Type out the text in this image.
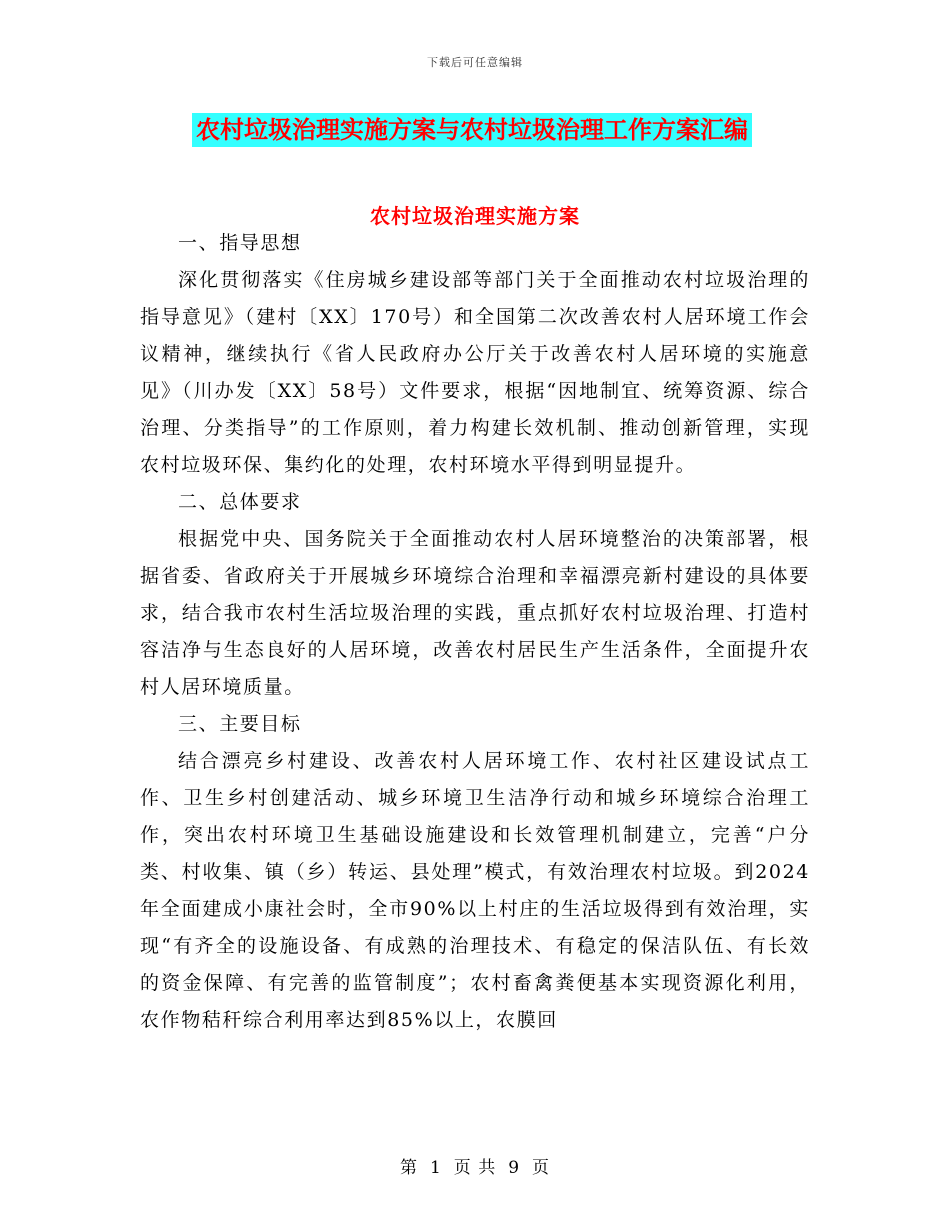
下载后可任意编辑
农村垃圾治理实施方案与农村垃圾治理工作方案汇编
农村垃圾治理实施方案

一、指导思想

深化贯彻落实《住房城乡建设部等部门关于全面推动农村垃圾治理的指导意见》（建村〔XX〕170号）和全国第二次改善农村人居环境工作会议精神，继续执行《省人民政府办公厅关于改善农村人居环境的实施意见》（川办发〔XX〕58号）文件要求，根据“因地制宜、统筹资源、综合治理、分类指导”的工作原则，着力构建长效机制、推动创新管理，实现农村垃圾环保、集约化的处理，农村环境水平得到明显提升。

二、总体要求

根据党中央、国务院关于全面推动农村人居环境整治的决策部署，根据省委、省政府关于开展城乡环境综合治理和幸福漂亮新村建设的具体要求，结合我市农村生活垃圾治理的实践，重点抓好农村垃圾治理、打造村容洁净与生态良好的人居环境，改善农村居民生产生活条件，全面提升农村人居环境质量。

三、主要目标

结合漂亮乡村建设、改善农村人居环境工作、农村社区建设试点工作、卫生乡村创建活动、城乡环境卫生洁净行动和城乡环境综合治理工作，突出农村环境卫生基础设施建设和长效管理机制建立，完善“户分类、村收集、镇（乡）转运、县处理”模式，有效治理农村垃圾。到2024年全面建成小康社会时，全市90%以上村庄的生活垃圾得到有效治理，实现“有齐全的设施设备、有成熟的治理技术、有稳定的保洁队伍、有长效的资金保障、有完善的监管制度”；农村畜禽粪便基本实现资源化利用，农作物秸秆综合利用率达到85%以上，农膜回

第 1 页 共 9 页
